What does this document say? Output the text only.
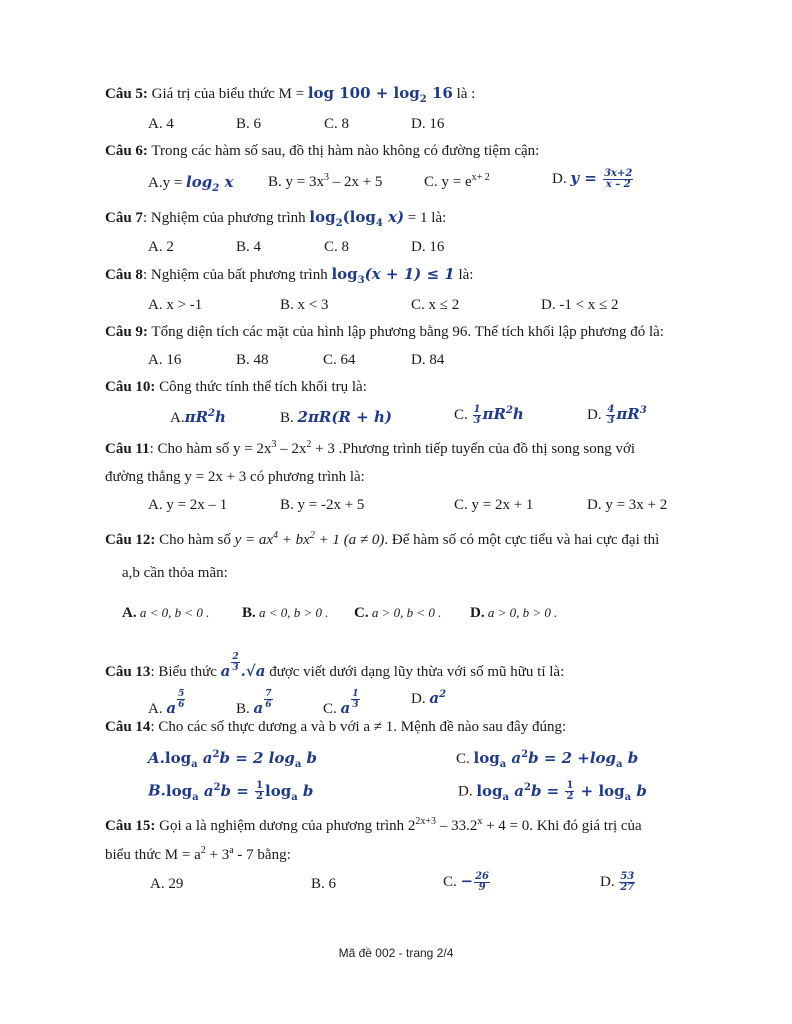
Câu 5: Giá trị của biểu thức $M = \log 100 + \log_2 16$ là :
A. 4	B. 6	C. 8	D. 16
Câu 6: Trong các hàm số sau, đồ thị hàm nào không có đường tiệm cận:
$A.y = \log_2 x$ B. $y = 3x^3 - 2x + 5$	C. $y = e^{x+ 2}$	D. $y = \frac{3x+2}{x - 2}$
Câu 7: Nghiệm của phương trình $\log_2(\log_4$ x) = 1 là:
A. 2	B. 4	C. 8	D. 16
Câu 8: Nghiệm của bất phương trình $\log_3(x + 1) \le 1$ là:
A. x > -1	B. x < 3	C. x ≤ 2	D. -1 < x ≤ 2
Câu 9: Tổng diện tích các mặt của hình lập phương bằng 96. Thể tích khối lập phương đó là:
A. 16	B. 48	C. 64	D. 84
Câu 10: Công thức tính thể tích khối trụ là:
$A.\pi R^2h$	B. 2πR(R + h)	C. $\frac{1}{3} \pi R^2h$	D. $\frac{4}{3} \pi R^3$
Câu 11: Cho hàm số $y = 2x^3 - 2x^2 + 3$ .Phương trình tiếp tuyến của đồ thị song song với
đường thẳng y = 2x + 3 có phương trình là:
A. y = 2x – 1	B. y = -2x + 5	C. y = 2x + 1	D. y = 3x + 2
Câu 12: Cho hàm số $y = ax^4 + bx^2 + 1$ (a ≠ 0). Để hàm số có một cực tiểu và hai cực đại thì
a,b cần thỏa mãn:
A. a < 0, b < 0 . B. a < 0, b > 0 . C. a > 0, b < 0 . D. a > 0, b > 0 .
Câu 13: Biểu thức a $\frac{2}{3} .√a$ được viết dưới dạng lũy thừa với số mũ hữu tỉ là:
A. a $\frac{5}{6}$	B. a $\frac{7}{6}$	C. a $\frac{1}{3}$	D. $a^2$
Câu 14: Cho các số thực dương a và b với a ≠ 1. Mệnh đề nào sau đây đúng:
$A.\log_a$ $a^2b = 2$ $\log_a b$	C. $\log_a a^2b = 2 +\log_a$ b
$B.\log_a$ $a^2b = \frac{1}{2} \log_a b$	D. $\log_a a^2b = \frac{1}{2} + \log_a b$
Câu 15: Gọi a là nghiệm dương của phương trình $2^{2x+3} - 33.2^x + 4 = 0$. Khi đó giá trị của
biểu thức $M = a^2 + 3^a - 7$ bằng:
A. 29	B. 6	C. − $\frac{26}{9}$	D. $\frac{53}{27}$
Mã đề 002 - trang 2/4
